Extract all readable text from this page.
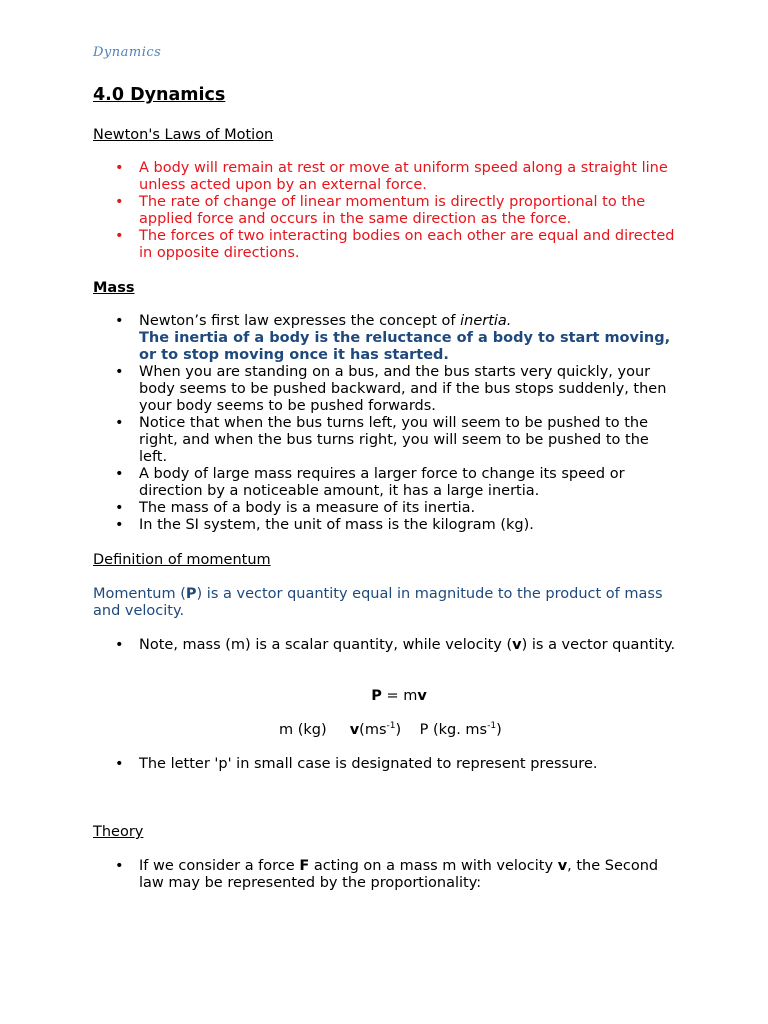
Dynamics
4.0 Dynamics
Newton's Laws of Motion
• A body will remain at rest or move at uniform speed along a straight line unless acted upon by an external force.
• The rate of change of linear momentum is directly proportional to the applied force and occurs in the same direction as the force.
• The forces of two interacting bodies on each other are equal and directed in opposite directions.
Mass
• Newton’s first law expresses the concept of inertia.
The inertia of a body is the reluctance of a body to start moving, or to stop moving once it has started.
• When you are standing on a bus, and the bus starts very quickly, your body seems to be pushed backward, and if the bus stops suddenly, then your body seems to be pushed forwards.
• Notice that when the bus turns left, you will seem to be pushed to the right, and when the bus turns right, you will seem to be pushed to the left.
• A body of large mass requires a larger force to change its speed or direction by a noticeable amount, it has a large inertia.
• The mass of a body is a measure of its inertia.
• In the SI system, the unit of mass is the kilogram (kg).
Definition of momentum
Momentum (P) is a vector quantity equal in magnitude to the product of mass and velocity.
• Note, mass (m) is a scalar quantity, while velocity (v) is a vector quantity.
P = mv
m (kg) $v(ms^{-1})$ P (kg. $ms^{-1}$)
• The letter 'p' in small case is designated to represent pressure.
Theory
• If we consider a force F acting on a mass m with velocity v, the Second law may be represented by the proportionality:
